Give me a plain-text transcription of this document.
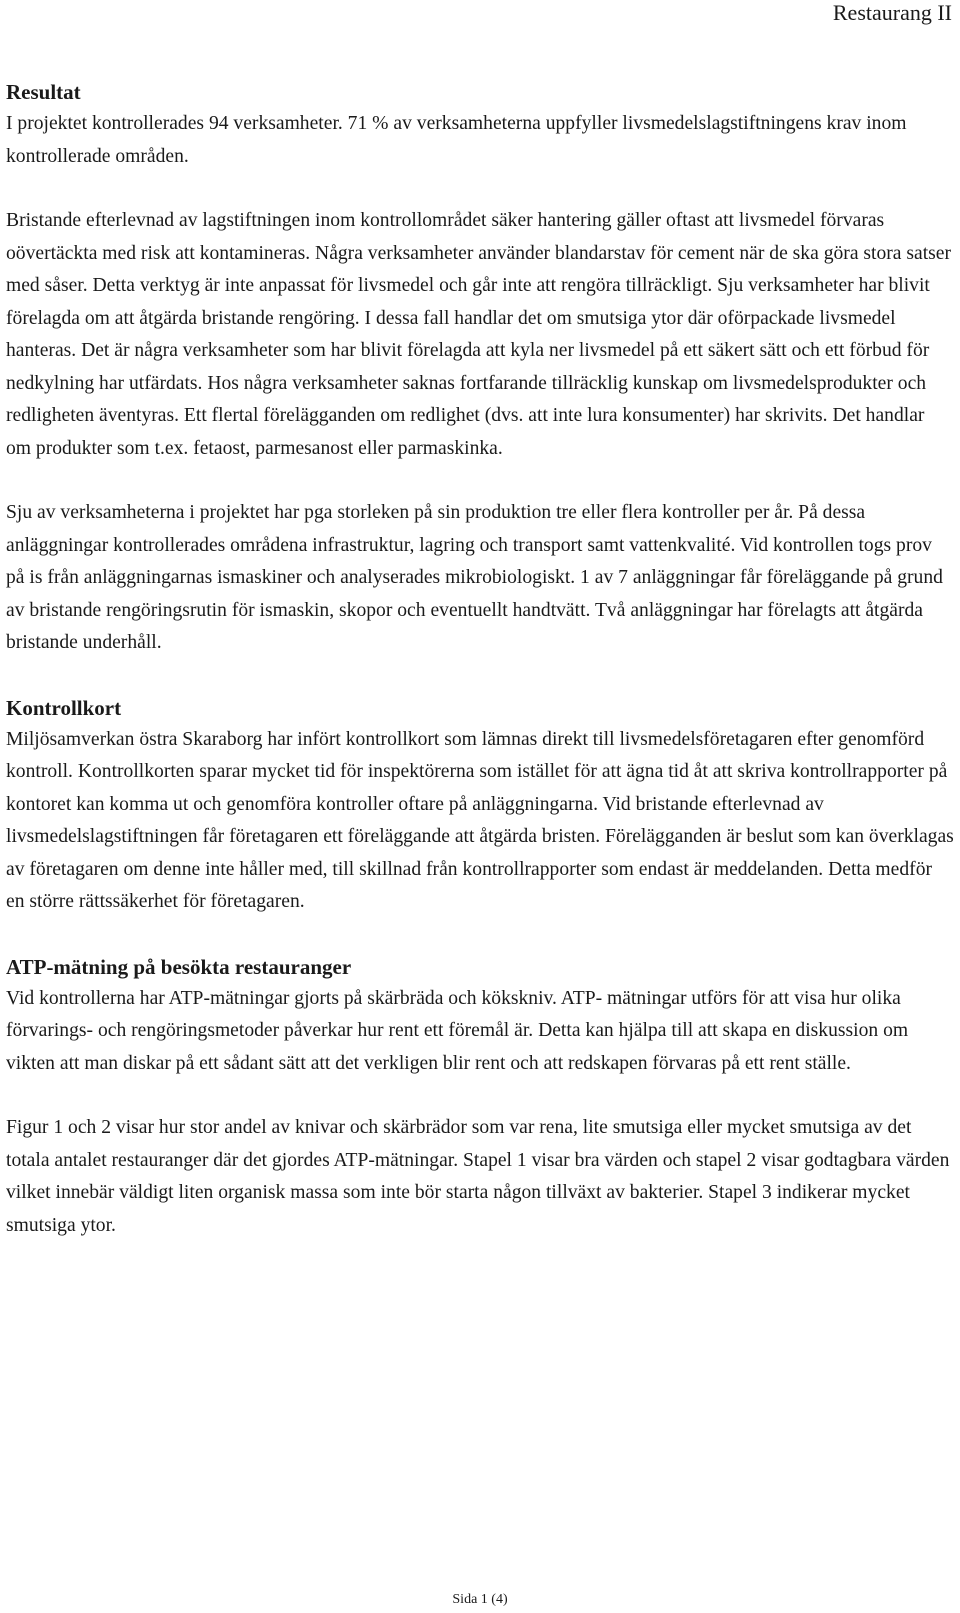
Restaurang II
Resultat

I projektet kontrollerades 94 verksamheter. 71 % av verksamheterna uppfyller livsmedelslagstiftningens krav inom kontrollerade områden.

Bristande efterlevnad av lagstiftningen inom kontrollområdet säker hantering gäller oftast att livsmedel förvaras oövertäckta med risk att kontamineras. Några verksamheter använder blandarstav för cement när de ska göra stora satser med såser. Detta verktyg är inte anpassat för livsmedel och går inte att rengöra tillräckligt. Sju verksamheter har blivit förelagda om att åtgärda bristande rengöring. I dessa fall handlar det om smutsiga ytor där oförpackade livsmedel hanteras. Det är några verksamheter som har blivit förelagda att kyla ner livsmedel på ett säkert sätt och ett förbud för nedkylning har utfärdats. Hos några verksamheter saknas fortfarande tillräcklig kunskap om livsmedelsprodukter och redligheten äventyras. Ett flertal förelägganden om redlighet (dvs. att inte lura konsumenter) har skrivits. Det handlar om produkter som t.ex. fetaost, parmesanost eller parmaskinka.

Sju av verksamheterna i projektet har pga storleken på sin produktion tre eller flera kontroller per år. På dessa anläggningar kontrollerades områdena infrastruktur, lagring och transport samt vattenkvalité. Vid kontrollen togs prov på is från anläggningarnas ismaskiner och analyserades mikrobiologiskt. 1 av 7 anläggningar får föreläggande på grund av bristande rengöringsrutin för ismaskin, skopor och eventuellt handtvätt. Två anläggningar har förelagts att åtgärda bristande underhåll.

Kontrollkort

Miljösamverkan östra Skaraborg har infört kontrollkort som lämnas direkt till livsmedelsföretagaren efter genomförd kontroll. Kontrollkorten sparar mycket tid för inspektörerna som istället för att ägna tid åt att skriva kontrollrapporter på kontoret kan komma ut och genomföra kontroller oftare på anläggningarna. Vid bristande efterlevnad av livsmedelslagstiftningen får företagaren ett föreläggande att åtgärda bristen. Förelägganden är beslut som kan överklagas av företagaren om denne inte håller med, till skillnad från kontrollrapporter som endast är meddelanden. Detta medför en större rättssäkerhet för företagaren.

ATP-mätning på besökta restauranger

Vid kontrollerna har ATP-mätningar gjorts på skärbräda och kökskniv. ATP- mätningar utförs för att visa hur olika förvarings- och rengöringsmetoder påverkar hur rent ett föremål är. Detta kan hjälpa till att skapa en diskussion om vikten att man diskar på ett sådant sätt att det verkligen blir rent och att redskapen förvaras på ett rent ställe.

Figur 1 och 2 visar hur stor andel av knivar och skärbrädor som var rena, lite smutsiga eller mycket smutsiga av det totala antalet restauranger där det gjordes ATP-mätningar. Stapel 1 visar bra värden och stapel 2 visar godtagbara värden vilket innebär väldigt liten organisk massa som inte bör starta någon tillväxt av bakterier. Stapel 3 indikerar mycket smutsiga ytor.

Sida 1 (4)
